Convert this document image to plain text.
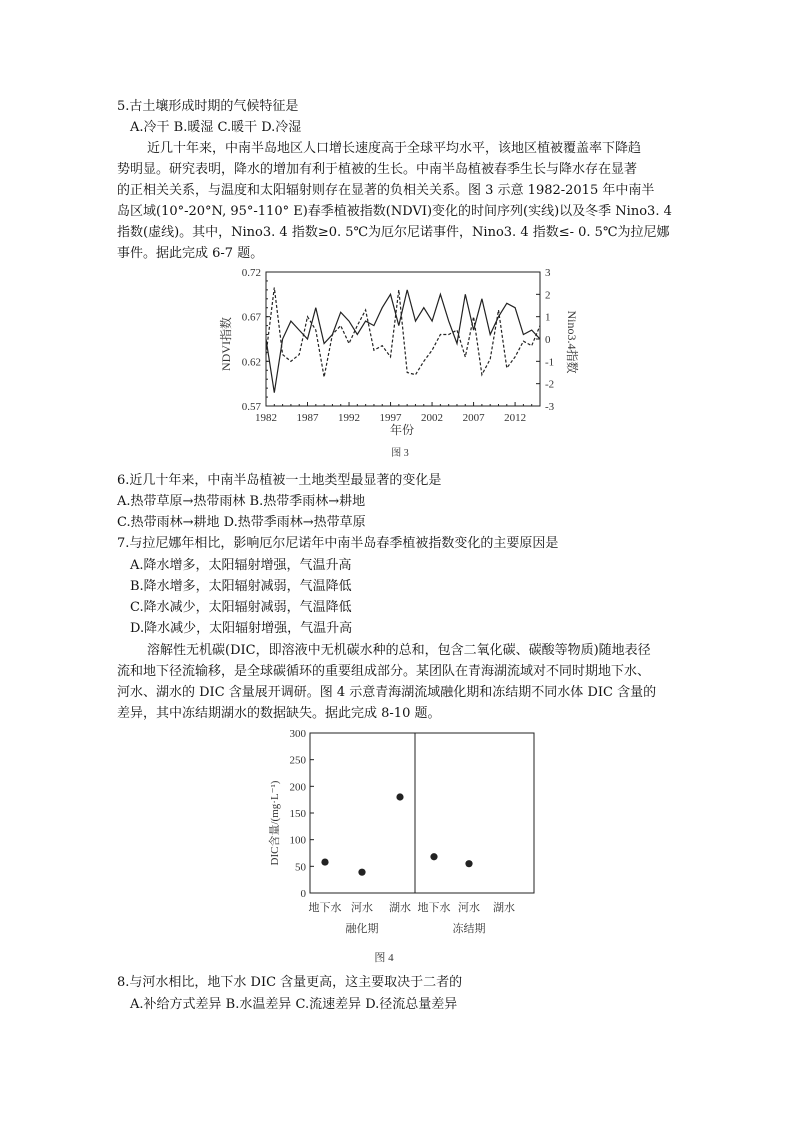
5.古土壤形成时期的气候特征是
A.冷干 B.暖湿 C.暖干 D.冷湿
近几十年来，中南半岛地区人口增长速度高于全球平均水平，该地区植被覆盖率下降趋
势明显。研究表明，降水的增加有利于植被的生长。中南半岛植被春季生长与降水存在显著
的正相关关系，与温度和太阳辐射则存在显著的负相关关系。图 3 示意 1982-2015 年中南半
岛区域(10°-20°N, 95°-110° E)春季植被指数(NDVI)变化的时间序列(实线)以及冬季 Nino3. 4
指数(虚线)。其中，Nino3. 4 指数≥0. 5℃为厄尔尼诺事件，Nino3. 4 指数≤- 0. 5℃为拉尼娜
事件。据此完成 6-7 题。
0.72
0.67
0.62
0.57
3
2
1
0
-1
-2
-3
1982 1987 1992 1997 2002 2007 2012
NDVI指数	Nino3.4指数
年份
图 3
6.近几十年来，中南半岛植被一土地类型最显著的变化是
A.热带草原→热带雨林 B.热带季雨林→耕地
C.热带雨林→耕地 D.热带季雨林→热带草原
7.与拉尼娜年相比，影响厄尔尼诺年中南半岛春季植被指数变化的主要原因是
A.降水增多，太阳辐射增强，气温升高
B.降水增多，太阳辐射减弱，气温降低
C.降水减少，太阳辐射减弱，气温降低
D.降水减少，太阳辐射增强，气温升高
溶解性无机碳(DIC，即溶液中无机碳水种的总和，包含二氧化碳、碳酸等物质)随地表径
流和地下径流输移，是全球碳循环的重要组成部分。某团队在青海湖流域对不同时期地下水、
河水、湖水的 DIC 含量展开调研。图 4 示意青海湖流域融化期和冻结期不同水体 DIC 含量的
差异，其中冻结期湖水的数据缺失。据此完成 8-10 题。
300
250
200
150
100
50
0
地下水 河水 湖水 地下水 河水 湖水
融化期	冻结期
DIC含量/(mg·L⁻¹)
图 4
8.与河水相比，地下水 DIC 含量更高，这主要取决于二者的
A.补给方式差异 B.水温差异 C.流速差异 D.径流总量差异
